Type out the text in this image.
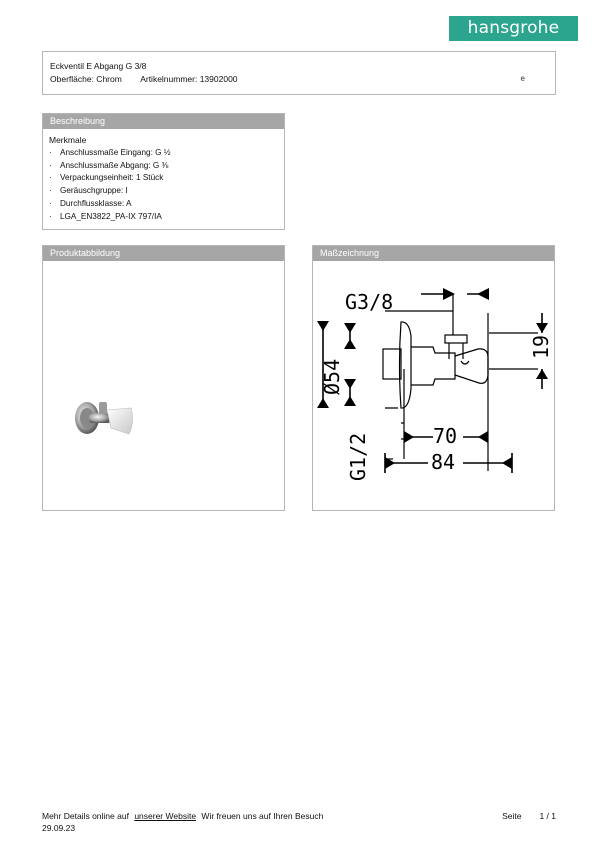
hansgrohe
Eckventil E Abgang G 3/8
Oberfläche: Chrom Artikelnummer: 13902000	e
Beschreibung
Merkmale
· Anschlussmaße Eingang: G ½
· Anschlussmaße Abgang: G ⅜
· Verpackungseinheit: 1 Stück
· Geräuschgruppe: I
· Durchflussklasse: A
· LGA_EN3822_PA-IX 797/IA
Produktabbildung	Maßzeichnung
G3/8
70
84
Ø54
G1/2
19
Mehr Details online auf unserer Website Wir freuen uns auf Ihren Besuch	Seite 1 / 1
29.09.23
